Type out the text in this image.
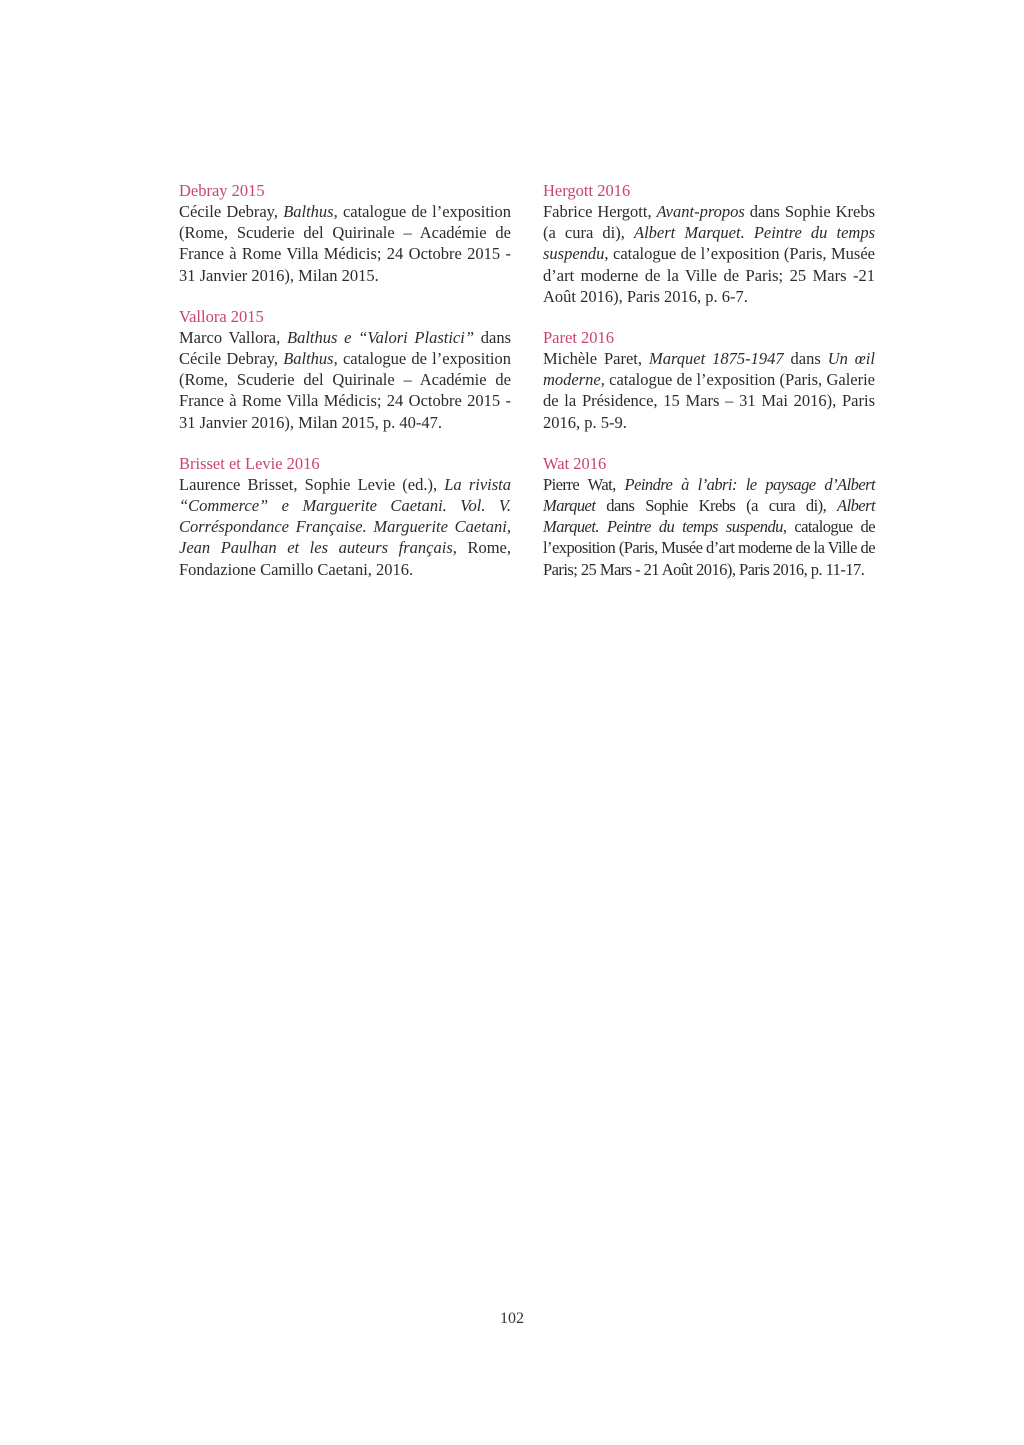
Debray 2015

Cécile Debray, Balthus, catalogue de l’exposition (Rome, Scuderie del Quirinale – Académie de France à Rome Villa Médicis; 24 Octobre 2015 - 31 Janvier 2016), Milan 2015.

Vallora 2015

Marco Vallora, Balthus e “Valori Plastici” dans Cécile Debray, Balthus, catalogue de l’exposition (Rome, Scuderie del Quirinale – Académie de France à Rome Villa Médicis; 24 Octobre 2015 - 31 Janvier 2016), Milan 2015, p. 40-47.

Brisset et Levie 2016

Laurence Brisset, Sophie Levie (ed.), La rivista “Commerce” e Marguerite Caetani. Vol. V. Corréspondance Française. Marguerite Caetani, Jean Paulhan et les auteurs français, Rome, Fondazione Camillo Caetani, 2016.

Hergott 2016

Fabrice Hergott, Avant-propos dans Sophie Krebs (a cura di), Albert Marquet. Peintre du temps suspendu, catalogue de l’exposition (Paris, Musée d’art moderne de la Ville de Paris; 25 Mars -21 Août 2016), Paris 2016, p. 6-7.

Paret 2016

Michèle Paret, Marquet 1875-1947 dans Un œil moderne, catalogue de l’exposition (Paris, Galerie de la Présidence, 15 Mars – 31 Mai 2016), Paris 2016, p. 5-9.

Wat 2016

Pierre Wat, Peindre à l’abri: le paysage d’Albert Marquet dans Sophie Krebs (a cura di), Albert Marquet. Peintre du temps suspendu, catalogue de l’exposition (Paris, Musée d’art moderne de la Ville de Paris; 25 Mars - 21 Août 2016), Paris 2016, p. 11-17.

102
